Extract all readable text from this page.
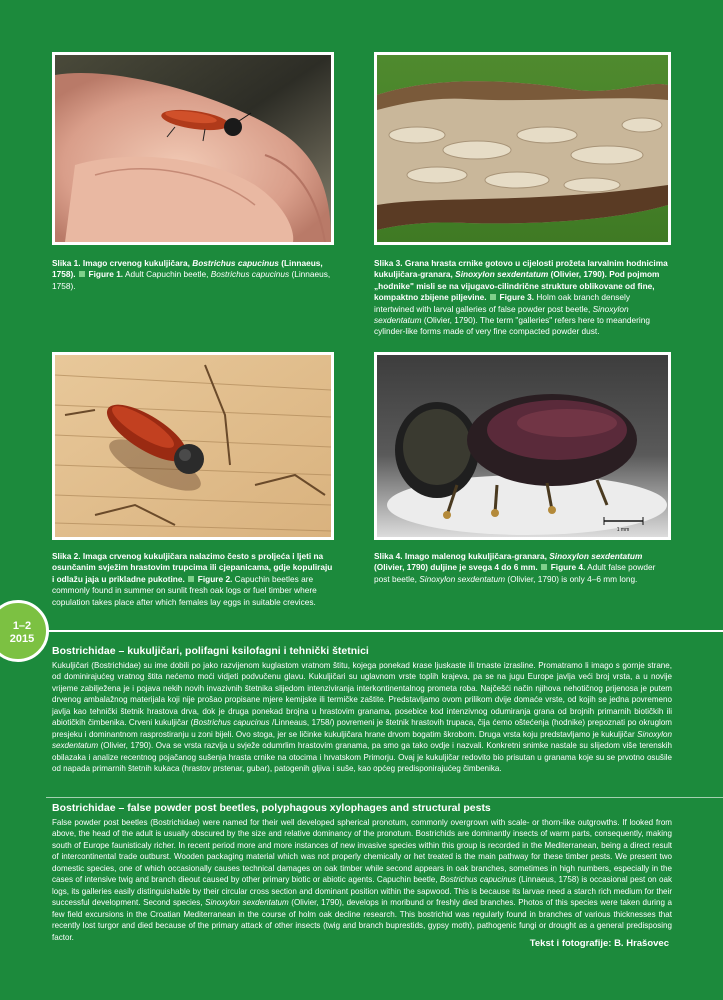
Slika 1. Imago crvenog kukuljičara, Bostrichus capucinus (Linnaeus, 1758). Figure 1. Adult Capuchin beetle, Bostrichus capucinus (Linnaeus, 1758).
Slika 3. Grana hrasta crnike gotovo u cijelosti prožeta larvalnim hodnicima kukuljičara-granara, Sinoxylon sexdentatum (Olivier, 1790). Pod pojmom „hodnike" misli se na vijugavo-cilindrične strukture oblikovane od fine, kompaktno zbijene piljevine. Figure 3. Holm oak branch densely intertwined with larval galleries of false powder post beetle, Sinoxylon sexdentatum (Olivier, 1790). The term "galleries" refers here to meandering cylinder-like forms made of very fine compacted powder dust.
1 mm
Slika 2. Imaga crvenog kukuljičara nalazimo često s proljeća i ljeti na osunčanim svježim hrastovim trupcima ili cjepanicama, gdje kopuliraju i odlažu jaja u prikladne pukotine. Figure 2. Capuchin beetles are commonly found in summer on sunlit fresh oak logs or fuel timber where copulation takes place after which females lay eggs in suitable crevices.
Slika 4. Imago malenog kukuljičara-granara, Sinoxylon sexdentatum (Olivier, 1790) duljine je svega 4 do 6 mm. Figure 4. Adult false powder post beetle, Sinoxylon sexdentatum (Olivier, 1790) is only 4–6 mm long.
1–2
2015
Bostrichidae – kukuljičari, polifagni ksilofagni i tehnički štetnici
Kukuljičari (Bostrichidae) su ime dobili po jako razvijenom kuglastom vratnom štitu, kojega ponekad krase ljuskaste ili trnaste izrasline. Promatramo li imago s gornje strane, od dominirajućeg vratnog štita nećemo moći vidjeti podvučenu glavu. Kukuljičari su uglavnom vrste toplih krajeva, pa se na jugu Europe javlja veći broj vrsta, a u novije vrijeme zabilježena je i pojava nekih novih invazivnih štetnika slijedom intenziviranja interkontinentalnog prometa roba. Najčešći način njihova nehotičnog prijenosa je putem drvenog ambalažnog materijala koji nije prošao propisane mjere kemijske ili termičke zaštite. Predstavljamo ovom prilikom dvije domaće vrste, od kojih se jedna povremeno javlja kao tehnički štetnik hrastova drva, dok je druga ponekad brojna u hrastovim granama, posebice kod intenzivnog odumiranja grana od brojnih primarnih biotičkih ili abiotičkih čimbenika. Crveni kukuljičar (Bostrichus capucinus /Linneaus, 1758/) povremeni je štetnik hrastovih trupaca, čija ćemo oštećenja (hodnike) prepoznati po okruglom presjeku i dominantnom rasprostiranju u zoni bijeli. Ovo stoga, jer se ličinke kukuljičara hrane drvom bogatim škrobom. Druga vrsta koju predstavljamo je kukuljičar Sinoxylon sexdentatum (Olivier, 1790). Ova se vrsta razvija u svježe odumrlim hrastovim granama, pa smo ga tako ovdje i nazvali. Konkretni snimke nastale su slijedom više terenskih obilazaka i analize recentnog pojačanog sušenja hrasta crnike na otocima i hrvatskom Primorju. Ovaj je kukuljičar redovito bio prisutan u granama koje su se prvotno osušile od napada primarnih štetnih kukaca (hrastov prstenar, gubar), patogenih gljiva i suše, kao općeg predisponirajućeg čimbenika.
Bostrichidae – false powder post beetles, polyphagous xylophages and structural pests
False powder post beetles (Bostrichidae) were named for their well developed spherical pronotum, commonly overgrown with scale- or thorn-like outgrowths. If looked from above, the head of the adult is usually obscured by the size and relative dominancy of the pronotum. Bostrichids are dominantly insects of warm parts, consequently, making south of Europe faunisticaly richer. In recent period more and more instances of new invasive species within this group is recorded in the Mediterranean, being a direct result of intercontinental trade outburst. Wooden packaging material which was not properly chemically or het treated is the main pathway for these timber pests. We present two domestic species, one of which occasionally causes technical damages on oak timber while second appears in oak branches, sometimes in high numbers, especially in the cases of intensive twig and branch dieout caused by other primary biotic or abiotic agents. Capuchin beetle, Bostrichus capucinus (Linnaeus, 1758) is occasional pest on oak logs, its galleries easily distinguishable by their circular cross section and dominant position within the sapwood. This is because its larvae need a starch rich medium for their successful development. Second species, Sinoxylon sexdentatum (Olivier, 1790), develops in moribund or freshly died branches. Photos of this species were taken during a few field excursions in the Croatian Mediterranean in the course of holm oak decline research. This bostrichid was regularly found in branches of various thicknesses that recently lost turgor and died because of the primary attack of other insects (twig and branch buprestids, gypsy moth), pathogenic fungi or drought as a general predisposing factor.
Tekst i fotografije: B. Hrašovec
